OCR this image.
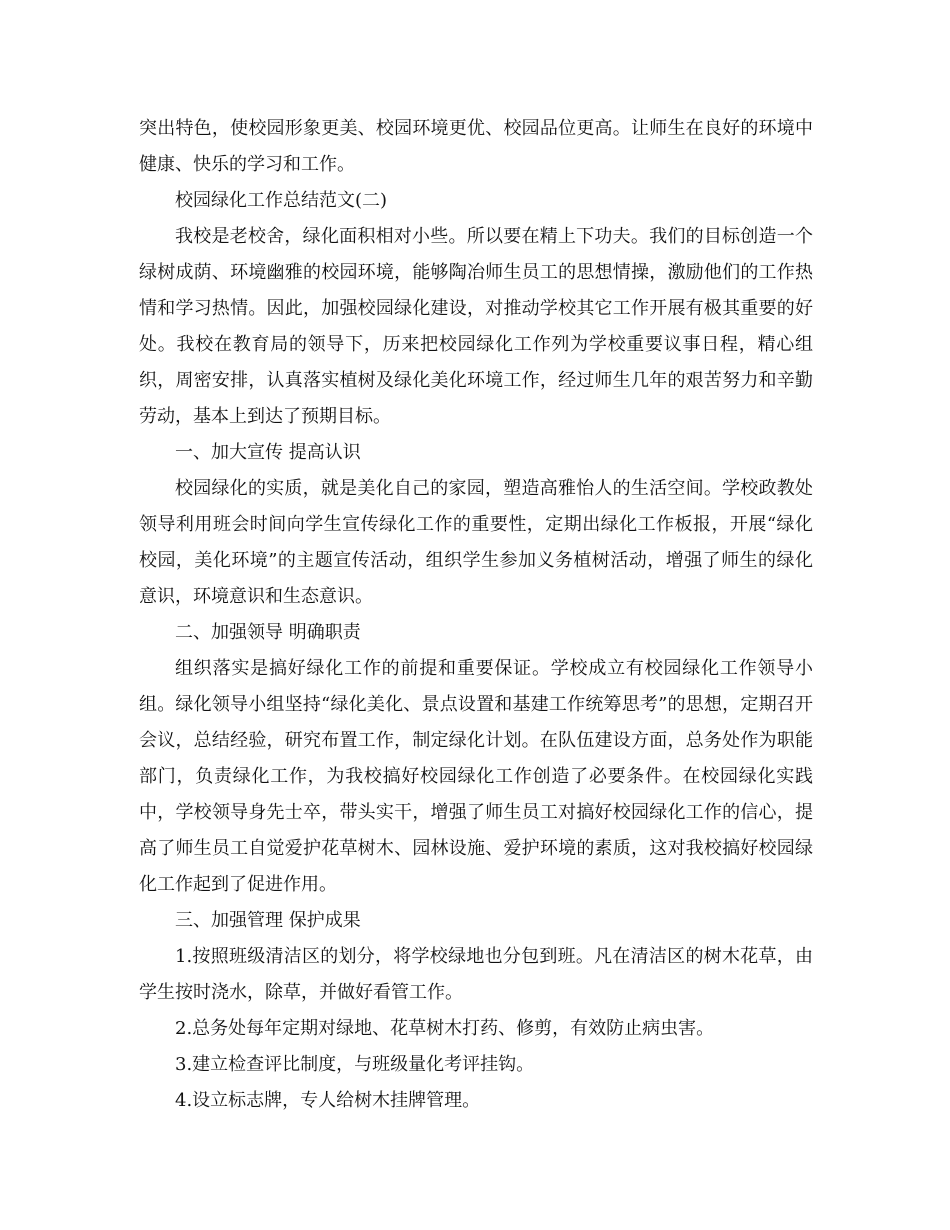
突出特色，使校园形象更美、校园环境更优、校园品位更高。让师生在良好的环境中健康、快乐的学习和工作。

校园绿化工作总结范文(二)

我校是老校舍，绿化面积相对小些。所以要在精上下功夫。我们的目标创造一个绿树成荫、环境幽雅的校园环境，能够陶冶师生员工的思想情操，激励他们的工作热情和学习热情。因此，加强校园绿化建设，对推动学校其它工作开展有极其重要的好处。我校在教育局的领导下，历来把校园绿化工作列为学校重要议事日程，精心组织，周密安排，认真落实植树及绿化美化环境工作，经过师生几年的艰苦努力和辛勤劳动，基本上到达了预期目标。

一、加大宣传 提高认识

校园绿化的实质，就是美化自己的家园，塑造高雅怡人的生活空间。学校政教处领导利用班会时间向学生宣传绿化工作的重要性，定期出绿化工作板报，开展“绿化校园，美化环境”的主题宣传活动，组织学生参加义务植树活动，增强了师生的绿化意识，环境意识和生态意识。

二、加强领导 明确职责

组织落实是搞好绿化工作的前提和重要保证。学校成立有校园绿化工作领导小组。绿化领导小组坚持“绿化美化、景点设置和基建工作统筹思考”的思想，定期召开会议，总结经验，研究布置工作，制定绿化计划。在队伍建设方面，总务处作为职能部门，负责绿化工作，为我校搞好校园绿化工作创造了必要条件。在校园绿化实践中，学校领导身先士卒，带头实干，增强了师生员工对搞好校园绿化工作的信心，提高了师生员工自觉爱护花草树木、园林设施、爱护环境的素质，这对我校搞好校园绿化工作起到了促进作用。

三、加强管理 保护成果

1.按照班级清洁区的划分，将学校绿地也分包到班。凡在清洁区的树木花草，由学生按时浇水，除草，并做好看管工作。

2.总务处每年定期对绿地、花草树木打药、修剪，有效防止病虫害。

3.建立检查评比制度，与班级量化考评挂钩。

4.设立标志牌，专人给树木挂牌管理。
